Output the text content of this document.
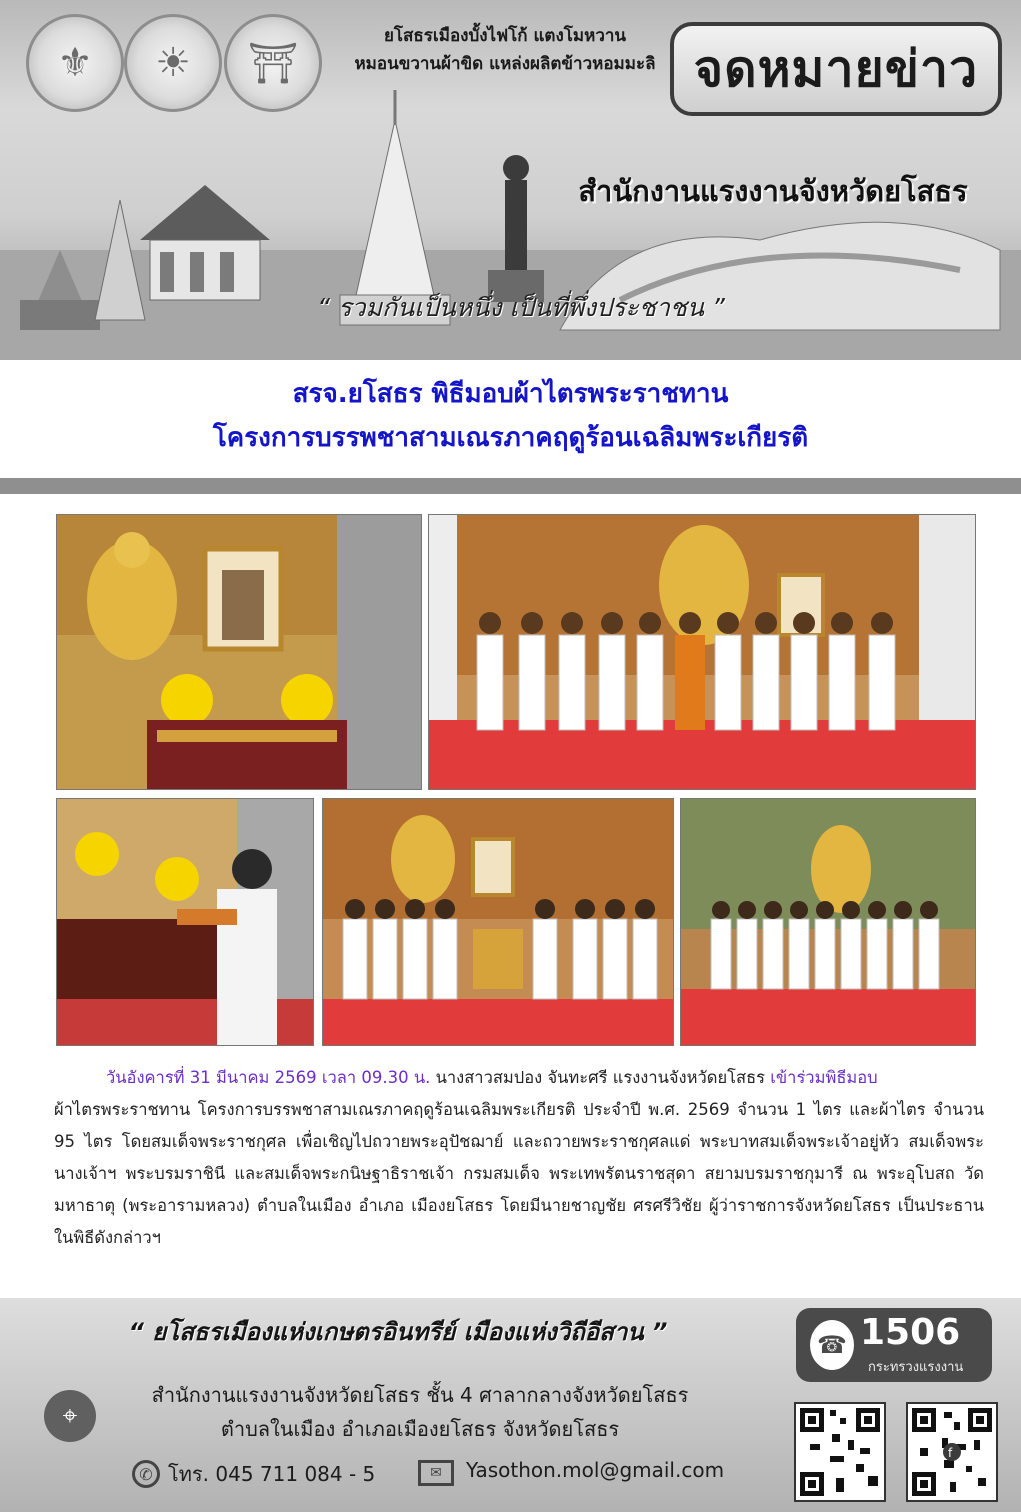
⚜ ☀ ⛩
ยโสธรเมืองบั้งไฟโก้ แตงโมหวาน
หมอนขวานผ้าขิด แหล่งผลิตข้าวหอมมะลิ จดหมายข่าว
สำนักงานแรงงานจังหวัดยโสธร
“ รวมกันเป็นหนึ่ง เป็นที่พึ่งประชาชน ”
สรจ.ยโสธร พิธีมอบผ้าไตรพระราชทาน
โครงการบรรพชาสามเณรภาคฤดูร้อนเฉลิมพระเกียรติ
วันอังคารที่ 31 มีนาคม 2569 เวลา 09.30 น. นางสาวสมปอง จันทะศรี แรงงานจังหวัดยโสธร เข้าร่วมพิธีมอบ
ผ้าไตรพระราชทาน โครงการบรรพชาสามเณรภาคฤดูร้อนเฉลิมพระเกียรติ ประจำปี พ.ศ. 2569 จำนวน 1 ไตร และผ้าไตร จำนวน 95 ไตร โดยสมเด็จพระราชกุศล เพื่อเชิญไปถวายพระอุปัชฌาย์ และถวายพระราชกุศลแด่ พระบาทสมเด็จพระเจ้าอยู่หัว สมเด็จพระนางเจ้าฯ พระบรมราชินี และสมเด็จพระกนิษฐาธิราชเจ้า กรมสมเด็จ พระเทพรัตนราชสุดา สยามบรมราชกุมารี ณ พระอุโบสถ วัดมหาธาตุ (พระอารามหลวง) ตำบลในเมือง อำเภอ เมืองยโสธร โดยมีนายชาญชัย ศรศรีวิชัย ผู้ว่าราชการจังหวัดยโสธร เป็นประธานในพิธีดังกล่าวฯ
“ ยโสธรเมืองแห่งเกษตรอินทรีย์ เมืองแห่งวิถีอีสาน ”
⌖
สำนักงานแรงงานจังหวัดยโสธร ชั้น 4 ศาลากลางจังหวัดยโสธร
ตำบลในเมือง อำเภอเมืองยโสธร จังหวัดยโสธร
✆ โทร. 045 711 084 - 5	✉	Yasothon.mol@gmail.com
☎ 1506
กระทรวงแรงงาน
f
